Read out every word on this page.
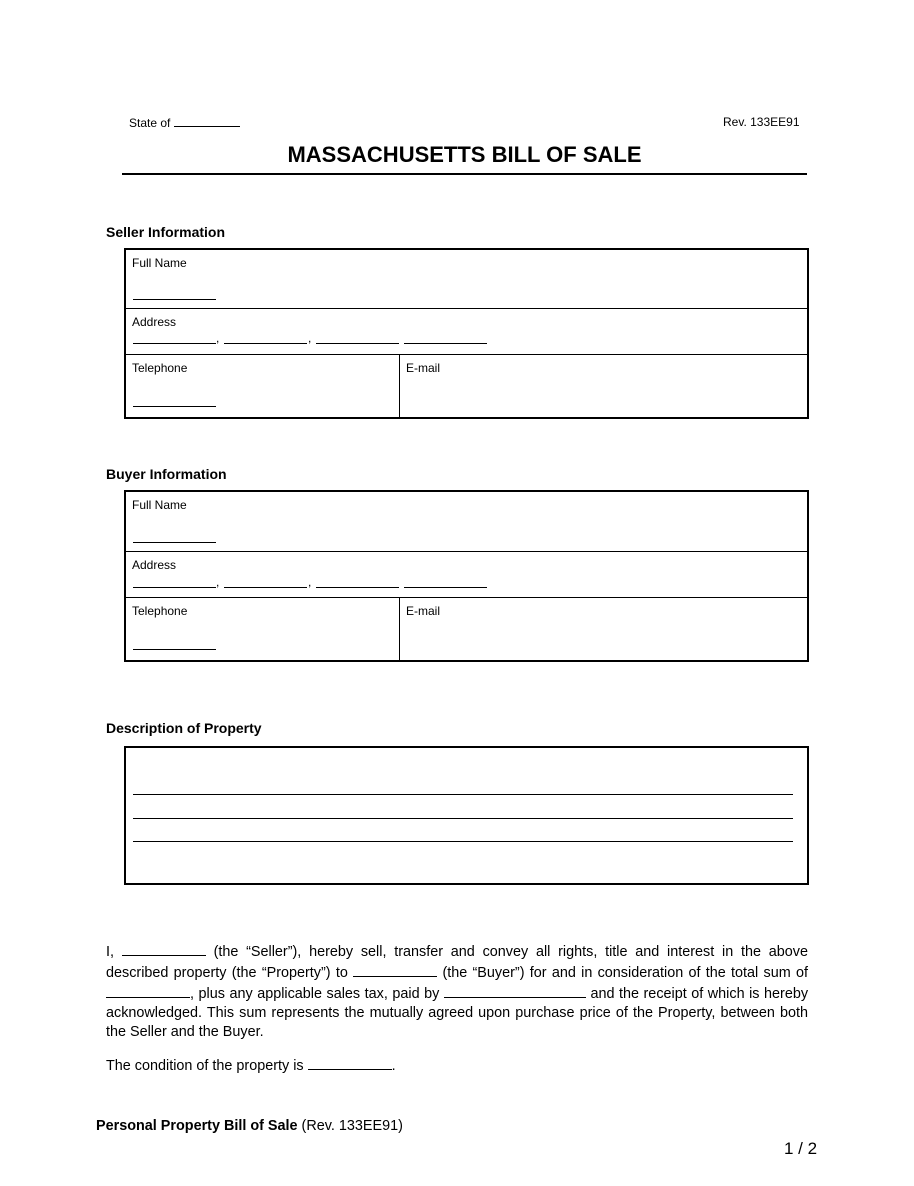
State of	Rev. 133EE91
MASSACHUSETTS BILL OF SALE
Seller Information
Full Name
Address
,	,
Telephone	E-mail
Buyer Information
Full Name
Address
,	,
Telephone	E-mail
Description of Property
I,	(the “Seller”), hereby sell, transfer and convey all rights, title and interest in the above described property (the “Property”) to	(the “Buyer”) for and in consideration of the total sum of , plus any applicable sales tax, paid by	and the receipt of which is hereby acknowledged. This sum represents the mutually agreed upon purchase price of the Property, between both the Seller and the Buyer.
The condition of the property is	.
Personal Property Bill of Sale (Rev. 133EE91)
1 / 2
